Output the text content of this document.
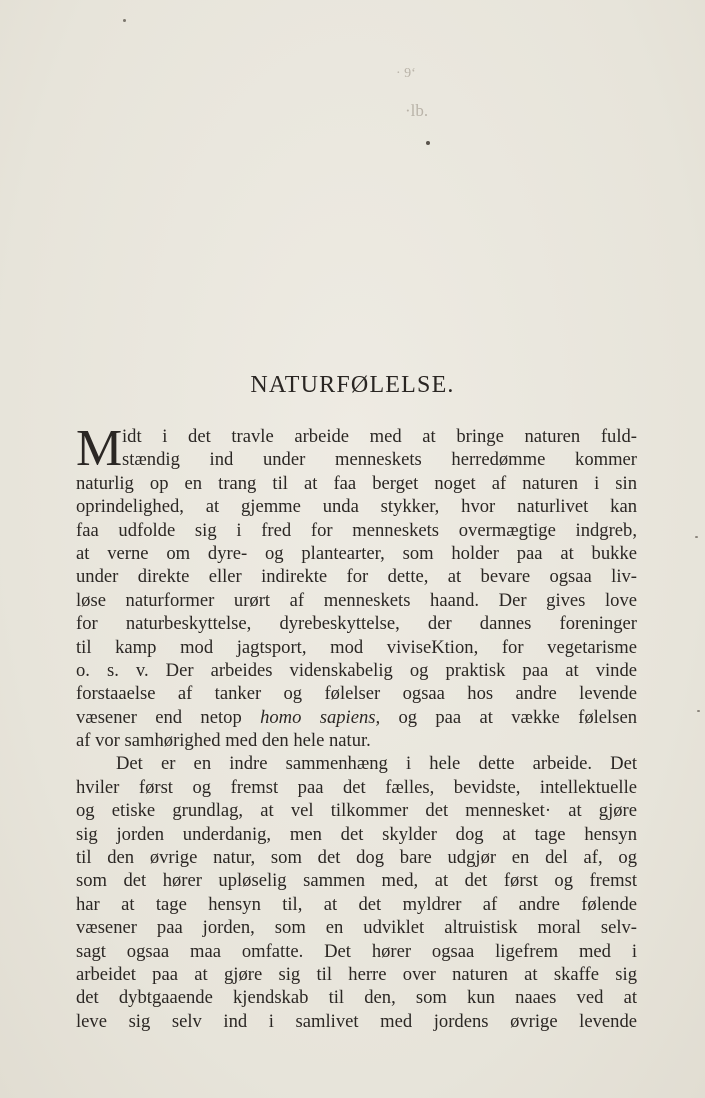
· 9‘
·lb.
NATURFØLELSE.
M idt i det travle arbeide med at bringe naturen fuld-
stændig ind under menneskets herredømme kommer
naturlig op en trang til at faa berget noget af naturen i sin
oprindelighed, at gjemme unda stykker, hvor naturlivet kan
faa udfolde sig i fred for menneskets overmægtige indgreb,
at verne om dyre- og plantearter, som holder paa at bukke
under direkte eller indirekte for dette, at bevare ogsaa liv-
løse naturformer urørt af menneskets haand. Der gives love
for naturbeskyttelse, dyrebeskyttelse, der dannes foreninger
til kamp mod jagtsport, mod viviseKtion, for vegetarisme
o. s. v. Der arbeides videnskabelig og praktisk paa at vinde
forstaaelse af tanker og følelser ogsaa hos andre levende
væsener end netop homo sapiens, og paa at vække følelsen
af vor samhørighed med den hele natur.
Det er en indre sammenhæng i hele dette arbeide. Det
hviler først og fremst paa det fælles, bevidste, intellektuelle
og etiske grundlag, at vel tilkommer det mennesket· at gjøre
sig jorden underdanig, men det skylder dog at tage hensyn
til den øvrige natur, som det dog bare udgjør en del af, og
som det hører upløselig sammen med, at det først og fremst
har at tage hensyn til, at det myldrer af andre følende
væsener paa jorden, som en udviklet altruistisk moral selv-
sagt ogsaa maa omfatte. Det hører ogsaa ligefrem med i
arbeidet paa at gjøre sig til herre over naturen at skaffe sig
det dybtgaaende kjendskab til den, som kun naaes ved at
leve sig selv ind i samlivet med jordens øvrige levende
